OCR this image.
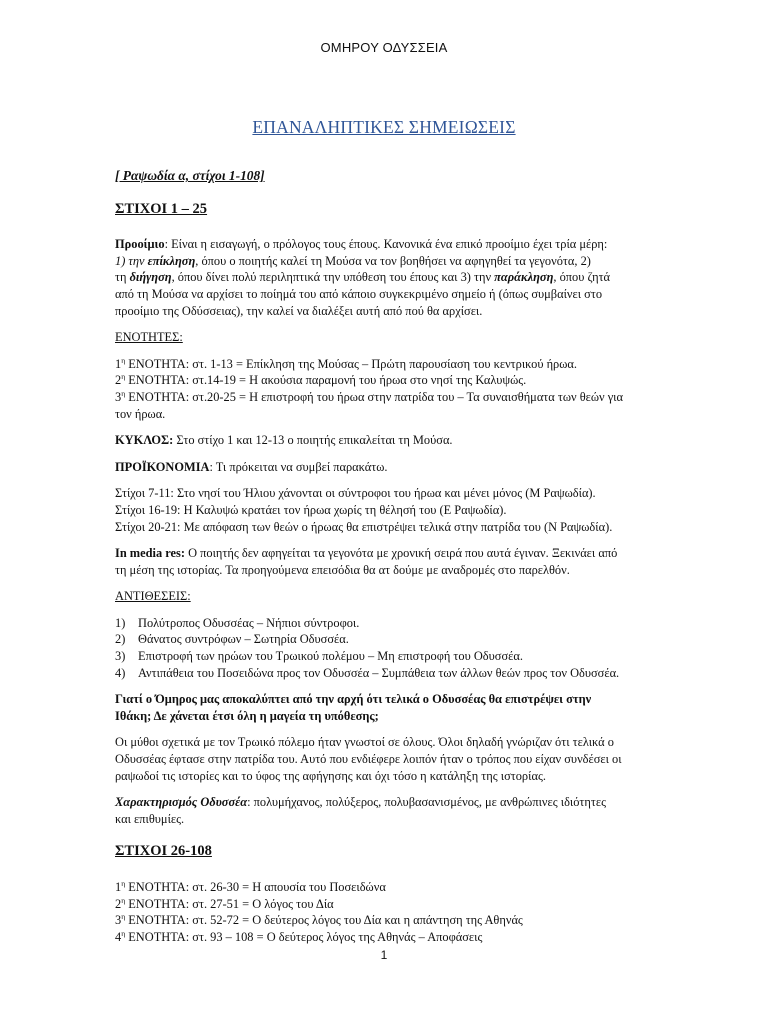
ΟΜΗΡΟΥ ΟΔΥΣΣΕΙΑ
ΕΠΑΝΑΛΗΠΤΙΚΕΣ ΣΗΜΕΙΩΣΕΙΣ

[ Ραψωδία α, στίχοι 1-108]

ΣΤΙΧΟΙ 1 – 25

Προοίμιο: Είναι η εισαγωγή, ο πρόλογος τους έπους. Κανονικά ένα επικό προοίμιο έχει τρία μέρη:

1) την επίκληση, όπου ο ποιητής καλεί τη Μούσα να τον βοηθήσει να αφηγηθεί τα γεγονότα, 2)

τη διήγηση, όπου δίνει πολύ περιληπτικά την υπόθεση του έπους και 3) την παράκληση, όπου ζητά

από τη Μούσα να αρχίσει το ποίημά του από κάποιο συγκεκριμένο σημείο ή (όπως συμβαίνει στο

προοίμιο της Οδύσσειας), την καλεί να διαλέξει αυτή από πού θα αρχίσει.

ΕΝΟΤΗΤΕΣ:

$1^\eta$ ΕΝΟΤΗΤΑ: στ. 1-13 = Επίκληση της Μούσας – Πρώτη παρουσίαση του κεντρικού ήρωα.

$2^\eta$ ΕΝΟΤΗΤΑ: στ.14-19 = Η ακούσια παραμονή του ήρωα στο νησί της Καλυψώς.

$3^\eta$ ΕΝΟΤΗΤΑ: στ.20-25 = Η επιστροφή του ήρωα στην πατρίδα του – Τα συναισθήματα των θεών για

τον ήρωα.

ΚΥΚΛΟΣ: Στο στίχο 1 και 12-13 ο ποιητής επικαλείται τη Μούσα.

ΠΡΟΪΚΟΝΟΜΙΑ: Τι πρόκειται να συμβεί παρακάτω.

Στίχοι 7-11: Στο νησί του Ήλιου χάνονται οι σύντροφοι του ήρωα και μένει μόνος (Μ Ραψωδία).

Στίχοι 16-19: Η Καλυψώ κρατάει τον ήρωα χωρίς τη θέλησή του (Ε Ραψωδία).

Στίχοι 20-21: Με απόφαση των θεών ο ήρωας θα επιστρέψει τελικά στην πατρίδα του (Ν Ραψωδία).

In media res: Ο ποιητής δεν αφηγείται τα γεγονότα με χρονική σειρά που αυτά έγιναν. Ξεκινάει από

τη μέση της ιστορίας. Τα προηγούμενα επεισόδια θα ατ δούμε με αναδρομές στο παρελθόν.

ΑΝΤΙΘΕΣΕΙΣ:

1)	Πολύτροπος Οδυσσέας – Νήπιοι σύντροφοι.
2)	Θάνατος συντρόφων – Σωτηρία Οδυσσέα.
3)	Επιστροφή των ηρώων του Τρωικού πολέμου – Μη επιστροφή του Οδυσσέα.
4)	Αντιπάθεια του Ποσειδώνα προς τον Οδυσσέα – Συμπάθεια των άλλων θεών προς τον Οδυσσέα.

Γιατί ο Όμηρος μας αποκαλύπτει από την αρχή ότι τελικά ο Οδυσσέας θα επιστρέψει στην

Ιθάκη; Δε χάνεται έτσι όλη η μαγεία τη υπόθεσης;

Οι μύθοι σχετικά με τον Τρωικό πόλεμο ήταν γνωστοί σε όλους. Όλοι δηλαδή γνώριζαν ότι τελικά ο

Οδυσσέας έφτασε στην πατρίδα του. Αυτό που ενδιέφερε λοιπόν ήταν ο τρόπος που είχαν συνδέσει οι

ραψωδοί τις ιστορίες και το ύφος της αφήγησης και όχι τόσο η κατάληξη της ιστορίας.

Χαρακτηρισμός Οδυσσέα: πολυμήχανος, πολύξερος, πολυβασανισμένος, με ανθρώπινες ιδιότητες

και επιθυμίες.

ΣΤΙΧΟΙ 26-108

$1^\eta$ ΕΝΟΤΗΤΑ: στ. 26-30 = Η απουσία του Ποσειδώνα

$2^\eta$ ΕΝΟΤΗΤΑ: στ. 27-51 = Ο λόγος του Δία

$3^\eta$ ΕΝΟΤΗΤΑ: στ. 52-72 = Ο δεύτερος λόγος του Δία και η απάντηση της Αθηνάς

$4^\eta$ ΕΝΟΤΗΤΑ: στ. 93 – 108 = Ο δεύτερος λόγος της Αθηνάς – Αποφάσεις

1
